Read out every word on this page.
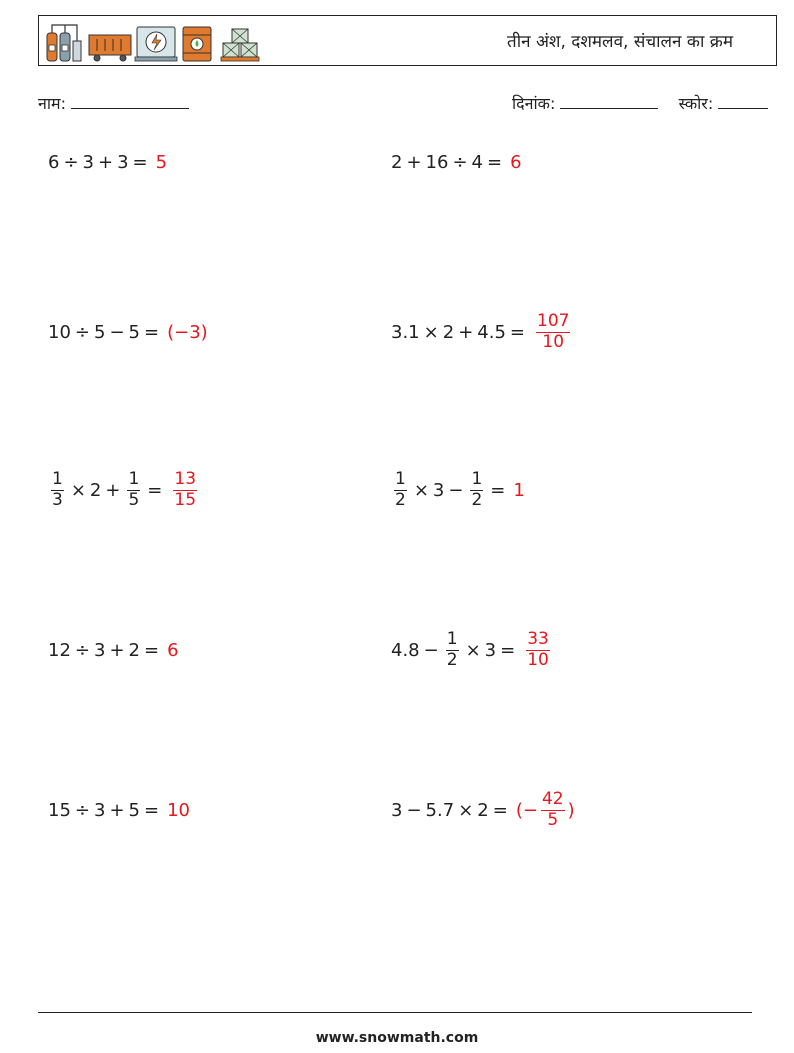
तीन अंश, दशमलव, संचालन का क्रम
नाम:	दिनांक:	स्कोर:
6 ÷ 3 + 3 = 5	2 + 16 ÷ 4 = 6
10 ÷ 5 − 5 = (−3)	$3.1 \times 2 + 4.5 = \frac{107}{10}$
$\frac{1}{3} \times 2 + \frac{1}{5} = \frac{13}{15}$	$\frac{1}{2} \times 3 - \frac{1}{2} = 1$
12 ÷ 3 + 2 = 6	$4.8 - \frac{1}{2} \times 3 = \frac{33}{10}$
15 ÷ 3 + 5 = 10	3 − 5.7 × 2 = (− $\frac{42}{5}$ )
www.snowmath.com
